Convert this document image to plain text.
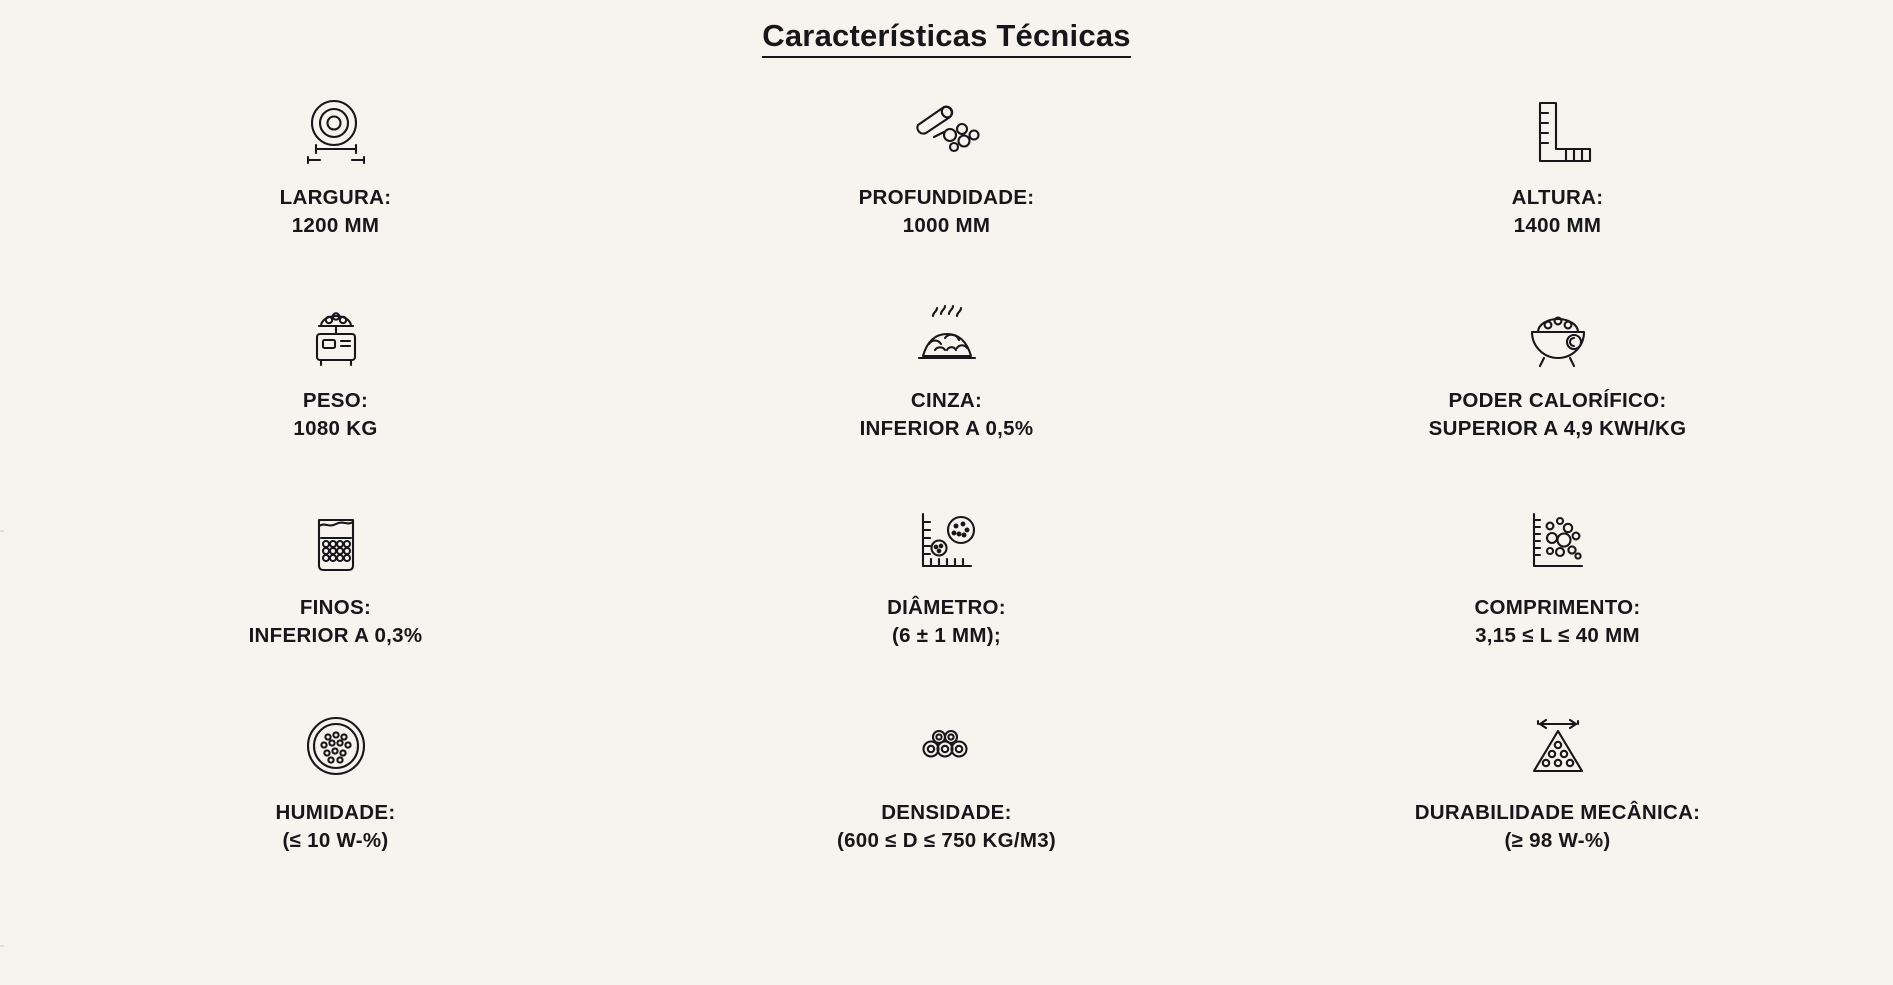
Características Técnicas
LARGURA:
1200 MM
PROFUNDIDADE:
1000 MM
ALTURA:
1400 MM
PESO:
1080 KG
CINZA:
INFERIOR A 0,5%
PODER CALORÍFICO:
SUPERIOR A 4,9 KWH/KG
FINOS:
INFERIOR A 0,3%
DIÂMETRO:
(6 ± 1 MM);
COMPRIMENTO:
3,15 ≤ L ≤ 40 MM
HUMIDADE:
(≤ 10 W-%)
DENSIDADE:
(600 ≤ D ≤ 750 KG/M3)
DURABILIDADE MECÂNICA:
(≥ 98 W-%)
